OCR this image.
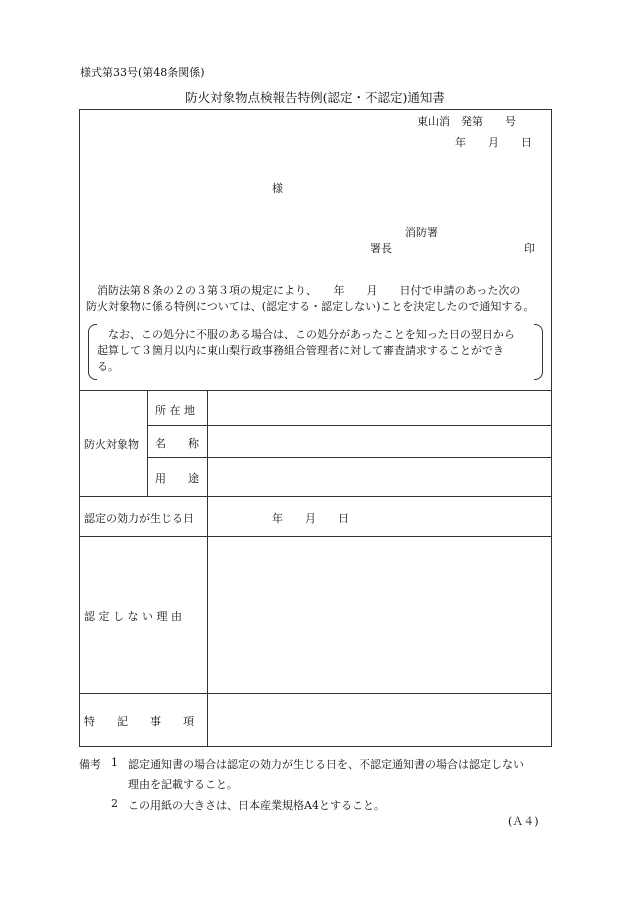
様式第33号(第48条関係)
防火対象物点検報告特例(認定・不認定)通知書
東山消　発第　　号
年　　月　　日
様
消防署
署長	印
消防法第８条の２の３第３項の規定により、　　年　　月　　日付で申請のあった次の
防火対象物に係る特例については、(認定する・認定しない)ことを決定したので通知する。
なお、この処分に不服のある場合は、この処分があったことを知った日の翌日から
起算して３箇月以内に東山梨行政事務組合管理者に対して審査請求することができ
る。
防火対象物
所 在 地
名　　称
用　　途
認定の効力が生じる日	年　　月　　日
認 定 し な い 理 由
特　　記　　事　　項
備考 1 認定通知書の場合は認定の効力が生じる日を、不認定通知書の場合は認定しない
理由を記載すること。
2 この用紙の大きさは、日本産業規格A4とすること。
(Ａ４)
